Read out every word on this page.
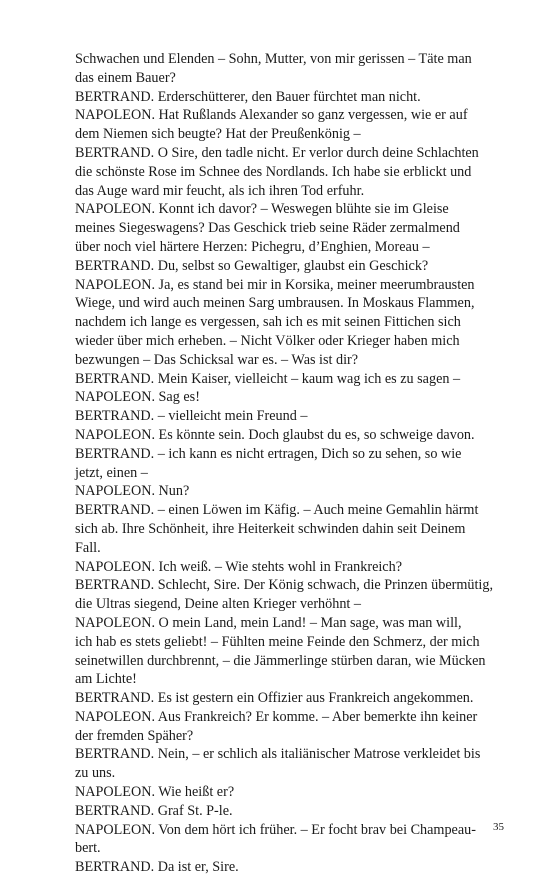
Schwachen und Elenden – Sohn, Mutter, von mir gerissen – Täte man
das einem Bauer?
BERTRAND. Erderschütterer, den Bauer fürchtet man nicht.
NAPOLEON. Hat Rußlands Alexander so ganz vergessen, wie er auf
dem Niemen sich beugte? Hat der Preußenkönig –
BERTRAND. O Sire, den tadle nicht. Er verlor durch deine Schlachten
die schönste Rose im Schnee des Nordlands. Ich habe sie erblickt und
das Auge ward mir feucht, als ich ihren Tod erfuhr.
NAPOLEON. Konnt ich davor? – Weswegen blühte sie im Gleise
meines Siegeswagens? Das Geschick trieb seine Räder zermalmend
über noch viel härtere Herzen: Pichegru, d’Enghien, Moreau –
BERTRAND. Du, selbst so Gewaltiger, glaubst ein Geschick?
NAPOLEON. Ja, es stand bei mir in Korsika, meiner meerumbrausten
Wiege, und wird auch meinen Sarg umbrausen. In Moskaus Flammen,
nachdem ich lange es vergessen, sah ich es mit seinen Fittichen sich
wieder über mich erheben. – Nicht Völker oder Krieger haben mich
bezwungen – Das Schicksal war es. – Was ist dir?
BERTRAND. Mein Kaiser, vielleicht – kaum wag ich es zu sagen –
NAPOLEON. Sag es!
BERTRAND. – vielleicht mein Freund –
NAPOLEON. Es könnte sein. Doch glaubst du es, so schweige davon.
BERTRAND. – ich kann es nicht ertragen, Dich so zu sehen, so wie
jetzt, einen –
NAPOLEON. Nun?
BERTRAND. – einen Löwen im Käfig. – Auch meine Gemahlin härmt
sich ab. Ihre Schönheit, ihre Heiterkeit schwinden dahin seit Deinem
Fall.
NAPOLEON. Ich weiß. – Wie stehts wohl in Frankreich?
BERTRAND. Schlecht, Sire. Der König schwach, die Prinzen übermütig,
die Ultras siegend, Deine alten Krieger verhöhnt –
NAPOLEON. O mein Land, mein Land! – Man sage, was man will,
ich hab es stets geliebt! – Fühlten meine Feinde den Schmerz, der mich
seinetwillen durchbrennt, – die Jämmerlinge stürben daran, wie Mücken
am Lichte!
BERTRAND. Es ist gestern ein Offizier aus Frankreich angekommen.
NAPOLEON. Aus Frankreich? Er komme. – Aber bemerkte ihn keiner
der fremden Späher?
BERTRAND. Nein, – er schlich als italiänischer Matrose verkleidet bis
zu uns.
NAPOLEON. Wie heißt er?
BERTRAND. Graf St. P-le.
NAPOLEON. Von dem hört ich früher. – Er focht brav bei Champeau-
bert.
BERTRAND. Da ist er, Sire.
35
